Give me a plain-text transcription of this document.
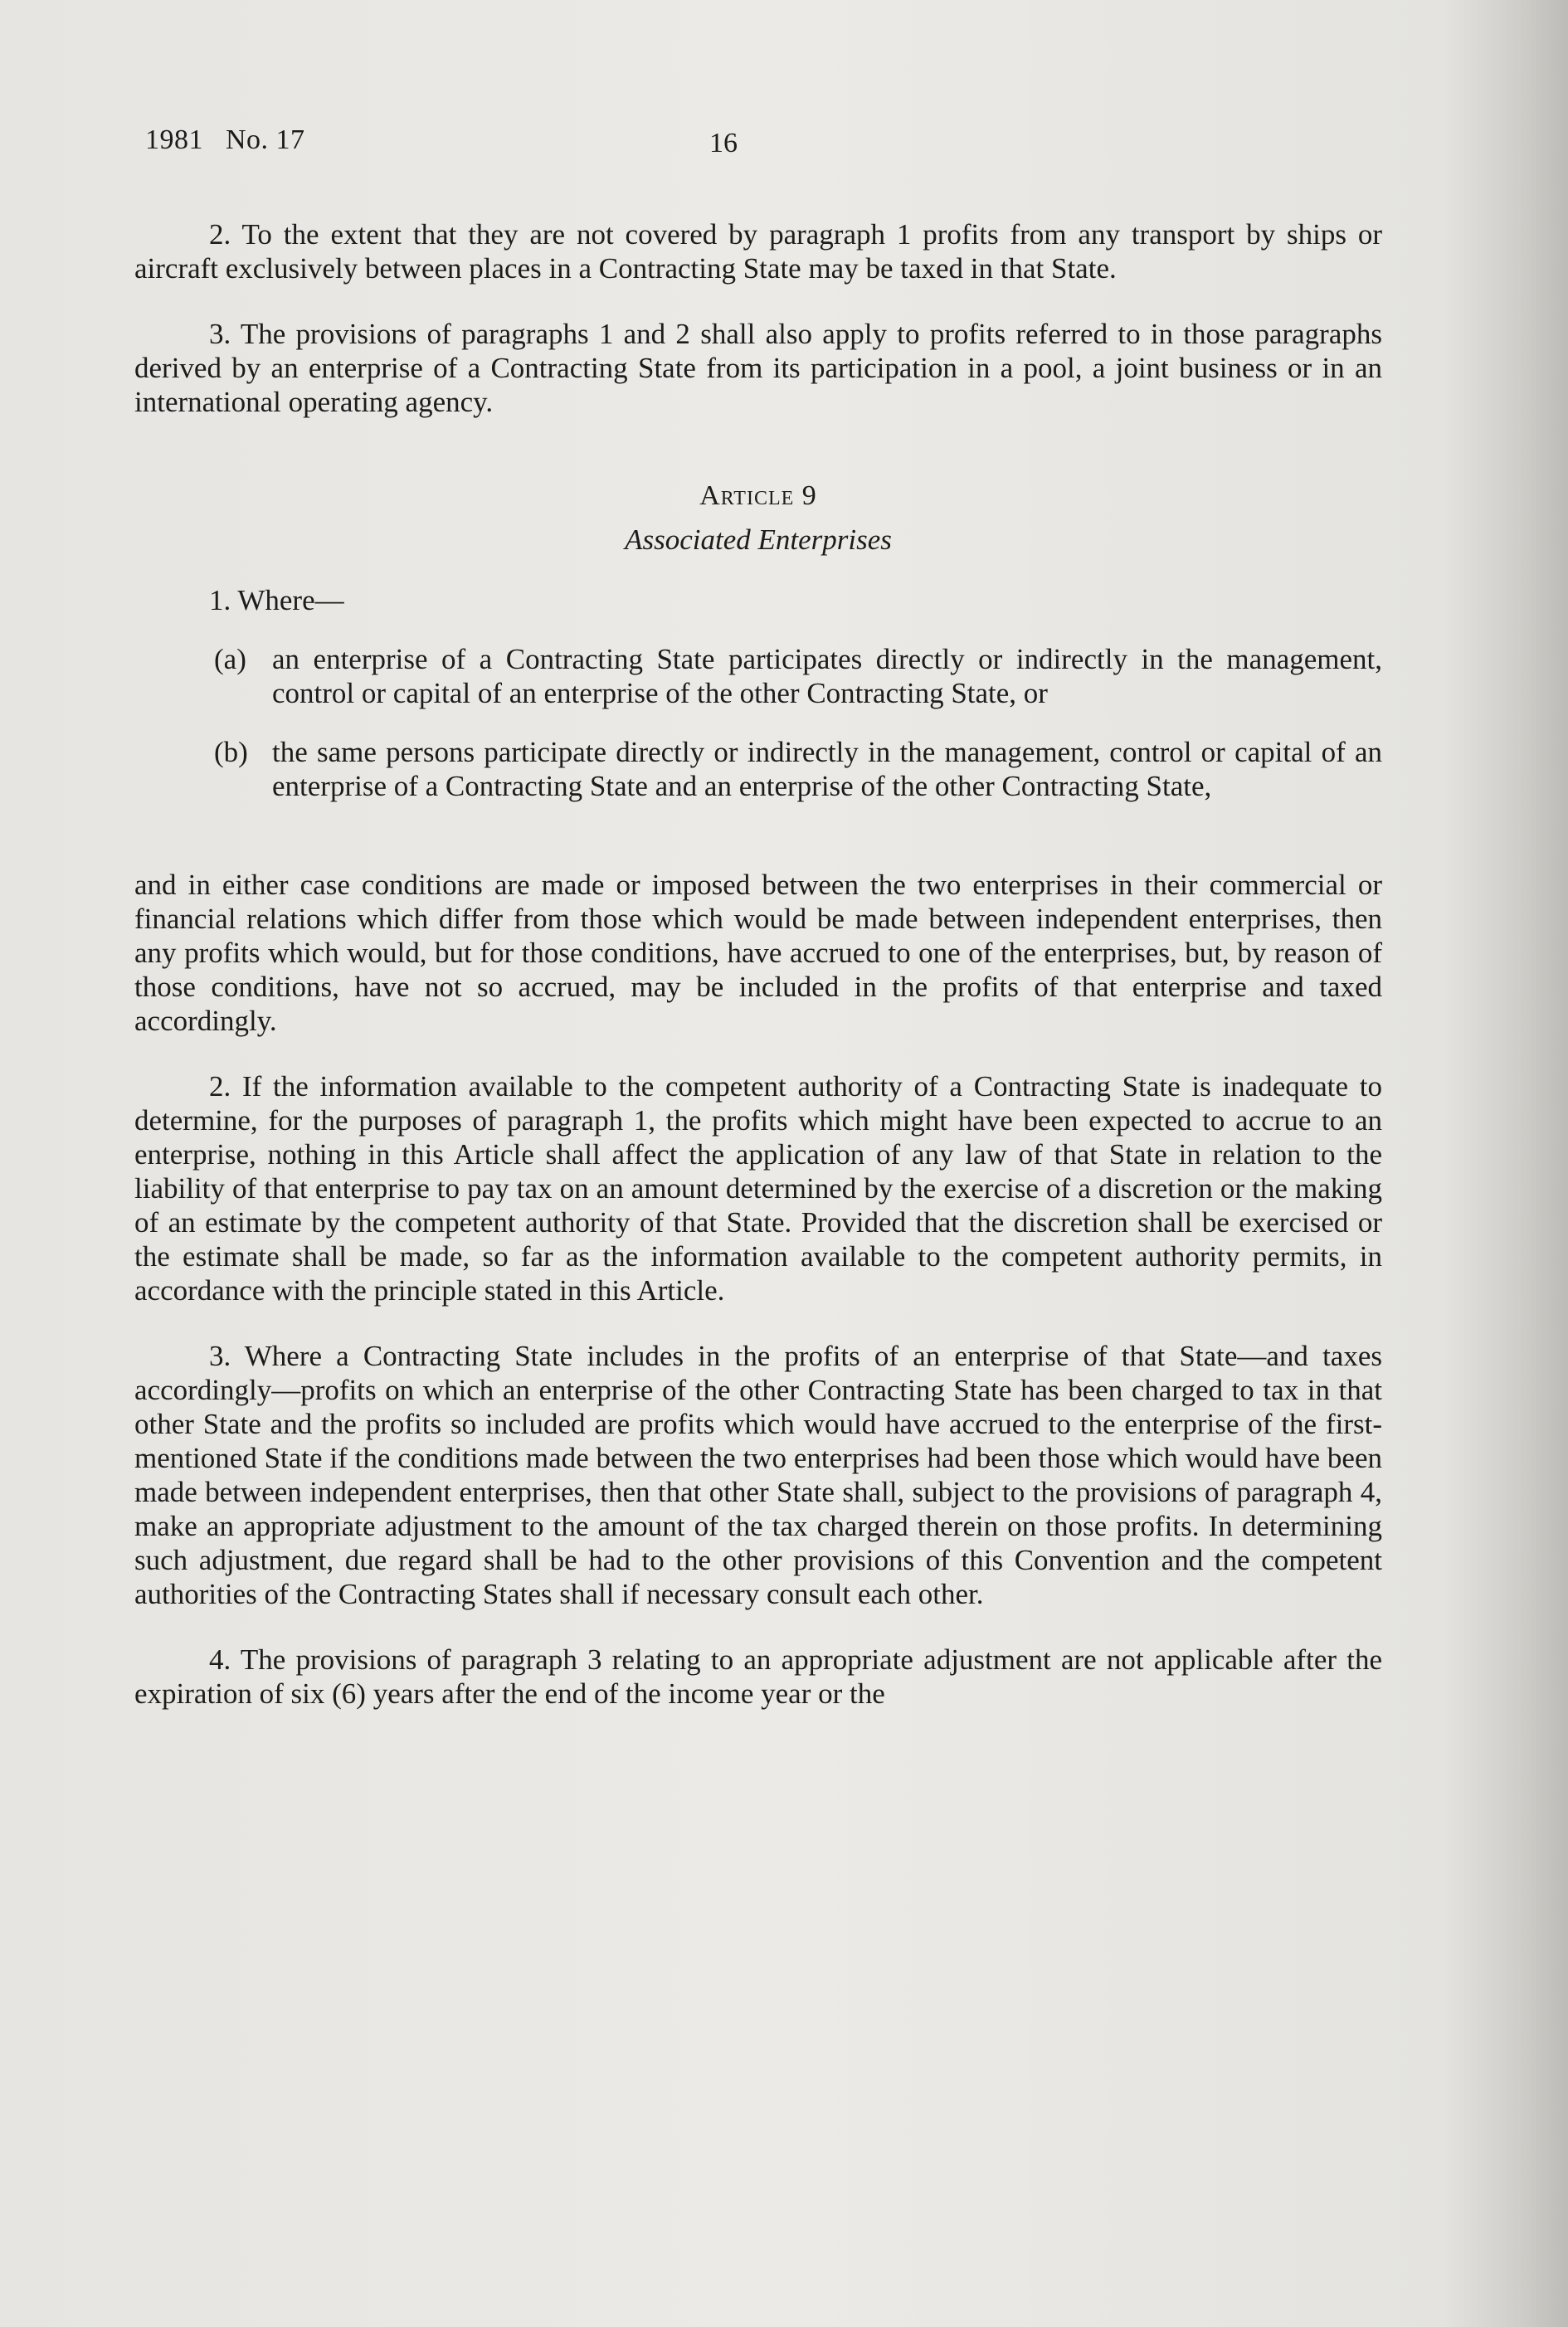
1981 No. 17	16

2. To the extent that they are not covered by paragraph 1 profits from any transport by ships or aircraft exclusively between places in a Contracting State may be taxed in that State.

3. The provisions of paragraphs 1 and 2 shall also apply to profits referred to in those paragraphs derived by an enterprise of a Contracting State from its participation in a pool, a joint business or in an international operating agency.

Article 9
Associated Enterprises

1. Where—

(a) an enterprise of a Contracting State participates directly or indirectly in the management, control or capital of an enterprise of the other Contracting State, or
(b) the same persons participate directly or indirectly in the management, control or capital of an enterprise of a Contracting State and an enterprise of the other Contracting State,

and in either case conditions are made or imposed between the two enterprises in their commercial or financial relations which differ from those which would be made between independent enterprises, then any profits which would, but for those conditions, have accrued to one of the enterprises, but, by reason of those conditions, have not so accrued, may be included in the profits of that enterprise and taxed accordingly.

2. If the information available to the competent authority of a Contracting State is inadequate to determine, for the purposes of paragraph 1, the profits which might have been expected to accrue to an enterprise, nothing in this Article shall affect the application of any law of that State in relation to the liability of that enterprise to pay tax on an amount determined by the exercise of a discretion or the making of an estimate by the competent authority of that State. Provided that the discretion shall be exercised or the estimate shall be made, so far as the information available to the competent authority permits, in accordance with the principle stated in this Article.

3. Where a Contracting State includes in the profits of an enterprise of that State—and taxes accordingly—profits on which an enterprise of the other Contracting State has been charged to tax in that other State and the profits so included are profits which would have accrued to the enterprise of the first-mentioned State if the conditions made between the two enterprises had been those which would have been made between independent enterprises, then that other State shall, subject to the provisions of paragraph 4, make an appropriate adjustment to the amount of the tax charged therein on those profits. In determining such adjustment, due regard shall be had to the other provisions of this Convention and the competent authorities of the Contracting States shall if necessary consult each other.

4. The provisions of paragraph 3 relating to an appropriate adjustment are not applicable after the expiration of six (6) years after the end of the income year or the
